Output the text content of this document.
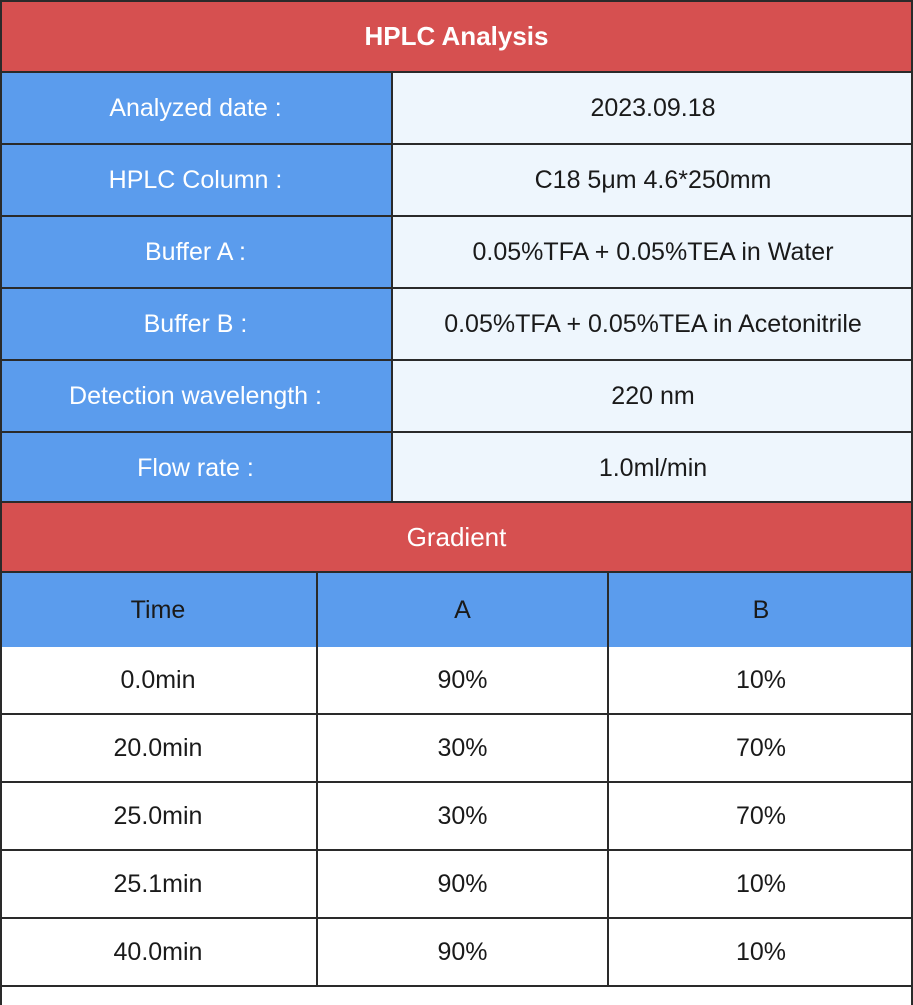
HPLC Analysis
Analyzed date :	2023.09.18
HPLC Column :	C18 5μm 4.6*250mm
Buffer A :	0.05%TFA + 0.05%TEA in Water
Buffer B :	0.05%TFA + 0.05%TEA in Acetonitrile
Detection wavelength :	220 nm
Flow rate :	1.0ml/min
Gradient
Time	A	B
0.0min	90%	10%
20.0min	30%	70%
25.0min	30%	70%
25.1min	90%	10%
40.0min	90%	10%
